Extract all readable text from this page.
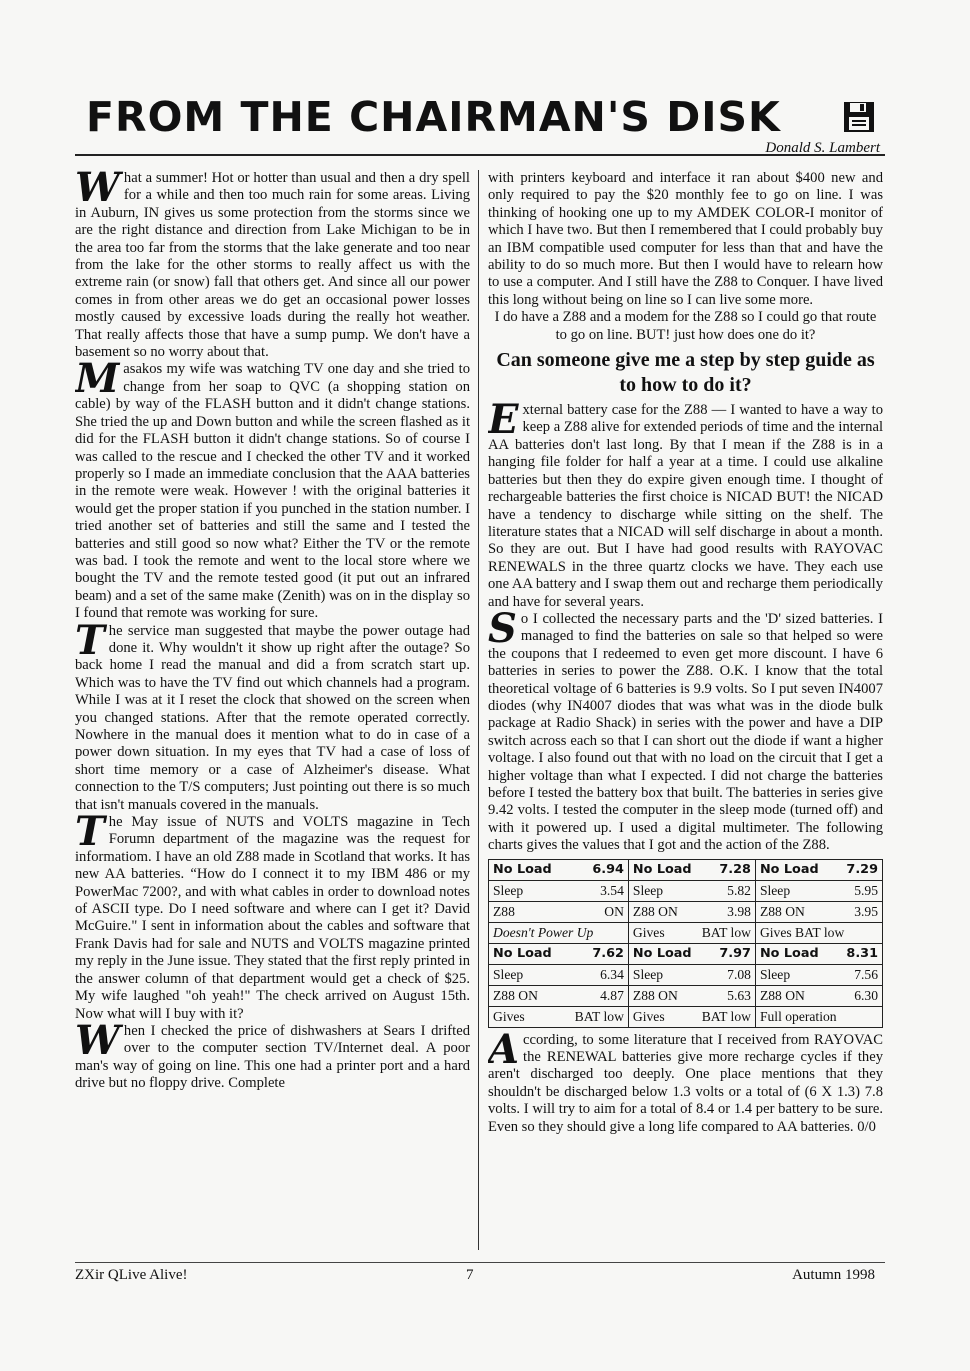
FROM THE CHAIRMAN'S DISK
Donald S. Lambert

What a summer! Hot or hotter than usual and then a dry spell for a while and then too much rain for some areas. Living in Auburn, IN gives us some protection from the storms since we are the right distance and direction from Lake Michigan to be in the area too far from the storms that the lake generate and too near from the lake for the other storms to really affect us with the extreme rain (or snow) fall that others get. And since all our power comes in from other areas we do get an occasional power losses mostly caused by excessive loads during the really hot weather. That really affects those that have a sump pump. We don't have a basement so no worry about that.

Masakos my wife was watching TV one day and she tried to change from her soap to QVC (a shopping station on cable) by way of the FLASH button and it didn't change stations. She tried the up and Down button and while the screen flashed as it did for the FLASH button it didn't change stations. So of course I was called to the rescue and I checked the other TV and it worked properly so I made an immediate conclusion that the AAA batteries in the remote were weak. However ! with the original batteries it would get the proper station if you punched in the station number. I tried another set of batteries and still the same and I tested the batteries and still good so now what? Either the TV or the remote was bad. I took the remote and went to the local store where we bought the TV and the remote tested good (it put out an infrared beam) and a set of the same make (Zenith) was on in the display so I found that remote was working for sure.

The service man suggested that maybe the power outage had done it. Why wouldn't it show up right after the outage? So back home I read the manual and did a from scratch start up. Which was to have the TV find out which channels had a program. While I was at it I reset the clock that showed on the screen when you changed stations. After that the remote operated correctly. Nowhere in the manual does it mention what to do in case of a power down situation. In my eyes that TV had a case of loss of short time memory or a case of Alzheimer's disease. What connection to the T/S computers; Just pointing out there is so much that isn't manuals covered in the manuals.

The May issue of NUTS and VOLTS magazine in Tech Forumn department of the magazine was the request for informatiom. I have an old Z88 made in Scotland that works. It has new AA batteries. “How do I connect it to my IBM 486 or my PowerMac 7200?, and with what cables in order to download notes of ASCII type. Do I need software and where can I get it? David McGuire." I sent in information about the cables and software that Frank Davis had for sale and NUTS and VOLTS magazine printed my reply in the June issue. They stated that the first reply printed in the answer column of that department would get a check of $25. My wife laughed "oh yeah!" The check arrived on August 15th. Now what will I buy with it?

When I checked the price of dishwashers at Sears I drifted over to the computer section TV/Internet deal. A poor man's way of going on line. This one had a printer port and a hard drive but no floppy drive. Complete

with printers keyboard and interface it ran about $400 new and only required to pay the $20 monthly fee to go on line. I was thinking of hooking one up to my AMDEK COLOR-I monitor of which I have two. But then I remembered that I could probably buy an IBM compatible used computer for less than that and have the ability to do so much more. But then I would have to relearn how to use a computer. And I still have the Z88 to Conquer. I have lived this long without being on line so I can live some more.

I do have a Z88 and a modem for the Z88 so I could go that route to go on line. BUT! just how does one do it?

Can someone give me a step by step guide as to how to do it?

External battery case for the Z88 — I wanted to have a way to keep a Z88 alive for extended periods of time and the internal AA batteries don't last long. By that I mean if the Z88 is in a hanging file folder for half a year at a time. I could use alkaline batteries but then they do expire given enough time. I thought of rechargeable batteries the first choice is NICAD BUT! the NICAD have a tendency to discharge while sitting on the shelf. The literature states that a NICAD will self discharge in about a month. So they are out. But I have had good results with RAYOVAC RENEWALS in the three quartz clocks we have. They each use one AA battery and I swap them out and recharge them periodically and have for several years.

So I collected the necessary parts and the 'D' sized batteries. I managed to find the batteries on sale so that helped so were the coupons that I redeemed to even get more discount. I have 6 batteries in series to power the Z88. O.K. I know that the total theoretical voltage of 6 batteries is 9.9 volts. So I put seven IN4007 diodes (why IN4007 diodes that was what was in the diode bulk package at Radio Shack) in series with the power and have a DIP switch across each so that I can short out the diode if want a higher voltage. I also found out that with no load on the circuit that I get a higher voltage than what I expected. I did not charge the batteries before I tested the battery box that built. The batteries in series give 9.42 volts. I tested the computer in the sleep mode (turned off) and with it powered up. I used a digital multimeter. The following charts gives the values that I got and the action of the Z88.

No Load 6.94	No Load 7.28	No Load 7.29

Sleep 3.54	Sleep 5.82	Sleep 5.95

Z88 ON	Z88 ON 3.98	Z88 ON 3.95

Doesn't Power Up	Gives BAT low	Gives BAT low
No Load 7.62	No Load 7.97	No Load 8.31

Sleep 6.34	Sleep 7.08	Sleep 7.56

Z88 ON 4.87	Z88 ON 5.63	Z88 ON 6.30

Gives BAT low	Gives BAT low	Full operation

According, to some literature that I received from RAYOVAC the RENEWAL batteries give more recharge cycles if they aren't discharged too deeply. One place mentions that they shouldn't be discharged below 1.3 volts or a total of (6 X 1.3) 7.8 volts. I will try to aim for a total of 8.4 or 1.4 per battery to be sure. Even so they should give a long life compared to AA batteries. 0/0

ZXir QLive Alive!	7	Autumn 1998
